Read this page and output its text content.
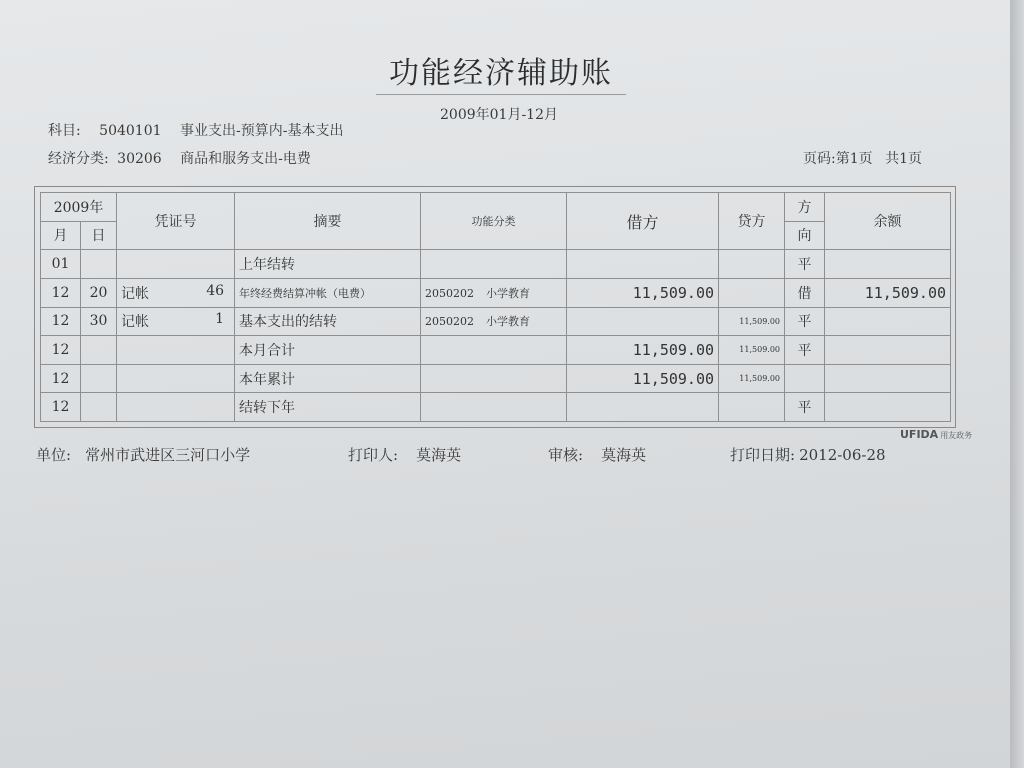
功能经济辅助账
2009年01月-12月
科目: 5040101 事业支出-预算内-基本支出
经济分类: 30206 商品和服务支出-电费	页码:第1页 共1页
2009年		凭证号	摘要	功能分类	借方	贷方	方	余额
月	日						向	
01			上年结转				平	
12	20	记帐 46	年终经费结算冲帐（电费）	2050202 小学教育	11,509.00		借	11,509.00
12	30	记帐 1	基本支出的结转	2050202 小学教育		11,509.00	平	
12			本月合计		11,509.00	11,509.00	平	
12			本年累计		11,509.00	11,509.00		
12			结转下年				平	
UFIDA 用友政务
单位: 常州市武进区三河口小学	打印人: 莫海英	审核: 莫海英	打印日期: 2012-06-28
